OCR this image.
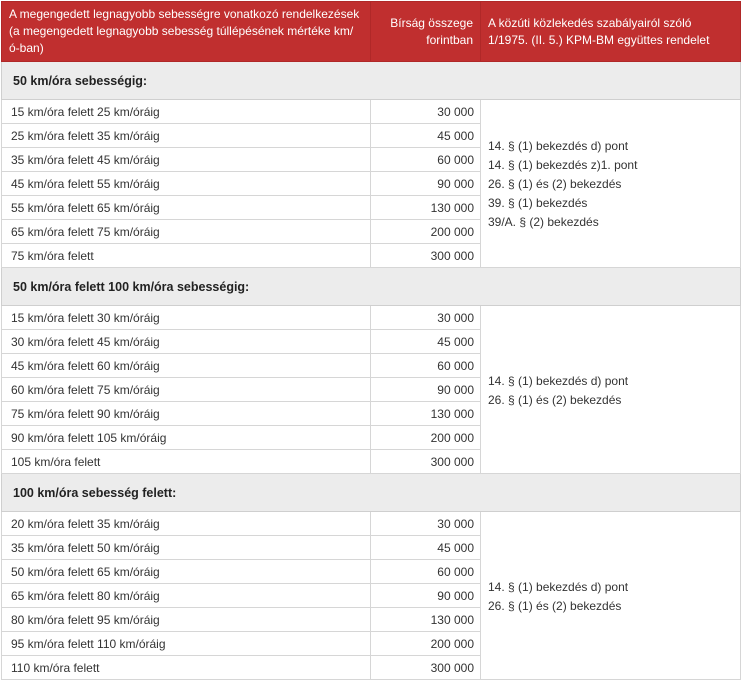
A megengedett legnagyobb sebességre vonatkozó rendelkezések (a megengedett legnagyobb sebesség túllépésének mértéke km/ó-ban)	Bírság összege forintban	A közúti közlekedés szabályairól szóló 1/1975. (II. 5.) KPM-BM együttes rendelet
50 km/óra sebességig:		
15 km/óra felett 25 km/óráig	30 000	14. § (1) bekezdés d) pont
14. § (1) bekezdés z)1. pont
26. § (1) és (2) bekezdés
39. § (1) bekezdés
39/A. § (2) bekezdés

25 km/óra felett 35 km/óráig	45 000	
35 km/óra felett 45 km/óráig	60 000	
45 km/óra felett 55 km/óráig	90 000	
55 km/óra felett 65 km/óráig	130 000	
65 km/óra felett 75 km/óráig	200 000	
75 km/óra felett	300 000	
50 km/óra felett 100 km/óra sebességig:		
15 km/óra felett 30 km/óráig	30 000	14. § (1) bekezdés d) pont
26. § (1) és (2) bekezdés

30 km/óra felett 45 km/óráig	45 000	
45 km/óra felett 60 km/óráig	60 000	
60 km/óra felett 75 km/óráig	90 000	
75 km/óra felett 90 km/óráig	130 000	
90 km/óra felett 105 km/óráig	200 000	
105 km/óra felett	300 000	
100 km/óra sebesség felett:		
20 km/óra felett 35 km/óráig	30 000	14. § (1) bekezdés d) pont
26. § (1) és (2) bekezdés

35 km/óra felett 50 km/óráig	45 000	
50 km/óra felett 65 km/óráig	60 000	
65 km/óra felett 80 km/óráig	90 000	
80 km/óra felett 95 km/óráig	130 000	
95 km/óra felett 110 km/óráig	200 000	
110 km/óra felett	300 000	
